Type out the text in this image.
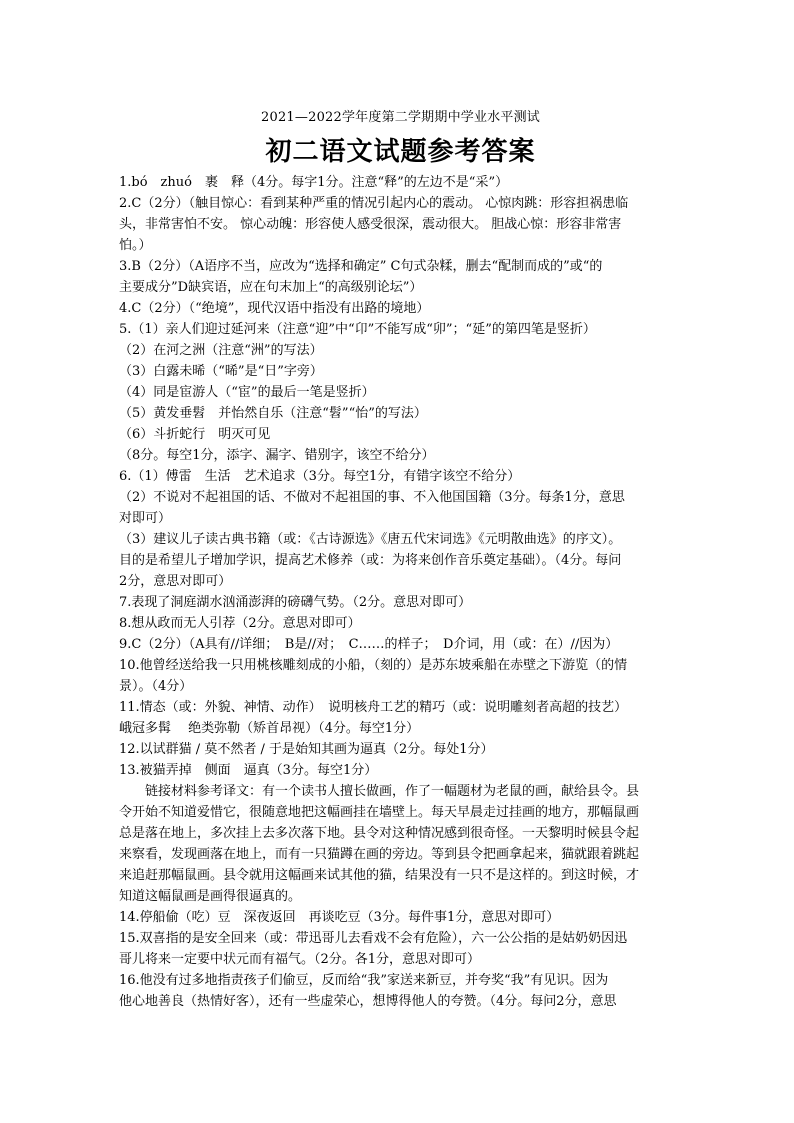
2021—2022学年度第二学期期中学业水平测试
初二语文试题参考答案
1.bó　zhuó　裹　释（4分。每字1分。注意“释”的左边不是“采”）
2.C（2分）（触目惊心：看到某种严重的情况引起内心的震动。 心惊肉跳：形容担祸患临
头，非常害怕不安。 惊心动魄：形容使人感受很深，震动很大。 胆战心惊：形容非常害
怕。）
3.B（2分）（A语序不当，应改为“选择和确定” C句式杂糅，删去“配制而成的”或“的
主要成分”D缺宾语，应在句末加上“的高级别论坛”）
4.C（2分）（“绝境”，现代汉语中指没有出路的境地）
5.（1）亲人们迎过延河来（注意“迎”中“卬”不能写成“卯”；“延”的第四笔是竖折）
（2）在河之洲（注意“洲”的写法）
（3）白露未晞（“晞”是“日”字旁）
（4）同是宦游人（“宦”的最后一笔是竖折）
（5）黄发垂髫　并怡然自乐（注意“髫”“怡”的写法）
（6）斗折蛇行　明灭可见
（8分。每空1分，添字、漏字、错别字，该空不给分）
6.（1）傅雷　生活　艺术追求（3分。每空1分，有错字该空不给分）
（2）不说对不起祖国的话、不做对不起祖国的事、不入他国国籍（3分。每条1分，意思
对即可）
（3）建议儿子读古典书籍（或：《古诗源选》《唐五代宋词选》《元明散曲选》的序文）。
目的是希望儿子增加学识，提高艺术修养（或：为将来创作音乐奠定基础）。（4分。每问
2分，意思对即可）
7.表现了洞庭湖水汹涌澎湃的磅礴气势。（2分。意思对即可）
8.想从政而无人引荐（2分。意思对即可）
9.C（2分）（A具有//详细；　B是//对；　C……的样子；　D介词，用（或：在）//因为）
10.他曾经送给我一只用桃核雕刻成的小船，（刻的）是苏东坡乘船在赤壁之下游览（的情
景）。（4分）
11.情态（或：外貌、神情、动作）　说明核舟工艺的精巧（或：说明雕刻者高超的技艺）
峨冠多髯　 绝类弥勒（矫首昂视）（4分。每空1分）
12.以试群猫 / 莫不然者 / 于是始知其画为逼真（2分。每处1分）
13.被猫弄掉　侧面　逼真（3分。每空1分）
链接材料参考译文：有一个读书人擅长做画，作了一幅题材为老鼠的画，献给县令。县
令开始不知道爱惜它，很随意地把这幅画挂在墙壁上。每天早晨走过挂画的地方，那幅鼠画
总是落在地上，多次挂上去多次落下地。县令对这种情况感到很奇怪。一天黎明时候县令起
来察看，发现画落在地上，而有一只猫蹲在画的旁边。等到县令把画拿起来，猫就跟着跳起
来追赶那幅鼠画。县令就用这幅画来试其他的猫，结果没有一只不是这样的。到这时候，才
知道这幅鼠画是画得很逼真的。
14.停船偷（吃）豆　深夜返回　再谈吃豆（3分。每件事1分，意思对即可）
15.双喜指的是安全回来（或：带迅哥儿去看戏不会有危险），六一公公指的是姑奶奶因迅
哥儿将来一定要中状元而有福气。（2分。各1分，意思对即可）
16.他没有过多地指责孩子们偷豆，反而给“我”家送来新豆，并夸奖“我”有见识。因为
他心地善良（热情好客），还有一些虚荣心，想博得他人的夸赞。（4分。每问2分，意思
